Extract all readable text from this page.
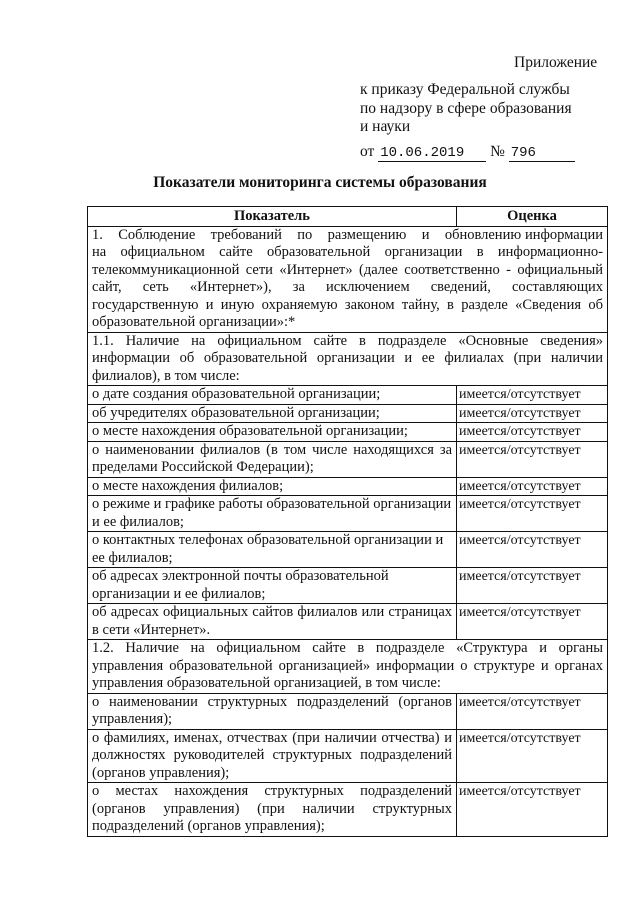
Приложение
к приказу Федеральной службы
по надзору в сфере образования
и науки
от 10.06.2019 № 796
Показатели мониторинга системы образования
Показатель	Оценка
1.    Соблюдение    требований    по    размещению    и    обновлению информации на официальном сайте образовательной организации в информационно-телекоммуникационной сети «Интернет» (далее соответственно - официальный сайт, сеть «Интернет»), за исключением сведений, составляющих государственную и иную охраняемую законом тайну, в разделе «Сведения об образовательной организации»:*	
1.1. Наличие на официальном сайте в подразделе «Основные сведения» информации об образовательной организации и ее филиалах (при наличии филиалов), в том числе:	
о дате создания образовательной организации;	имеется/отсутствует
об учредителях образовательной организации;	имеется/отсутствует
о месте нахождения образовательной организации;	имеется/отсутствует
о наименовании филиалов (в том числе находящихся за пределами Российской Федерации);	имеется/отсутствует
о месте нахождения филиалов;	имеется/отсутствует
о режиме и графике работы образовательной организации и ее филиалов;	имеется/отсутствует
о контактных телефонах образовательной организации и ее филиалов;	имеется/отсутствует
об адресах электронной почты образовательной организации и ее филиалов;	имеется/отсутствует
об адресах официальных сайтов филиалов или страницах в сети «Интернет».	имеется/отсутствует
1.2. Наличие на официальном сайте в подразделе «Структура и органы управления образовательной организацией» информации о структуре и органах управления образовательной организацией, в том числе:	
о наименовании структурных подразделений (органов управления);	имеется/отсутствует
о фамилиях, именах, отчествах (при наличии отчества) и должностях руководителей структурных подразделений (органов управления);	имеется/отсутствует
о местах нахождения структурных подразделений (органов управления) (при наличии структурных подразделений (органов управления);	имеется/отсутствует
